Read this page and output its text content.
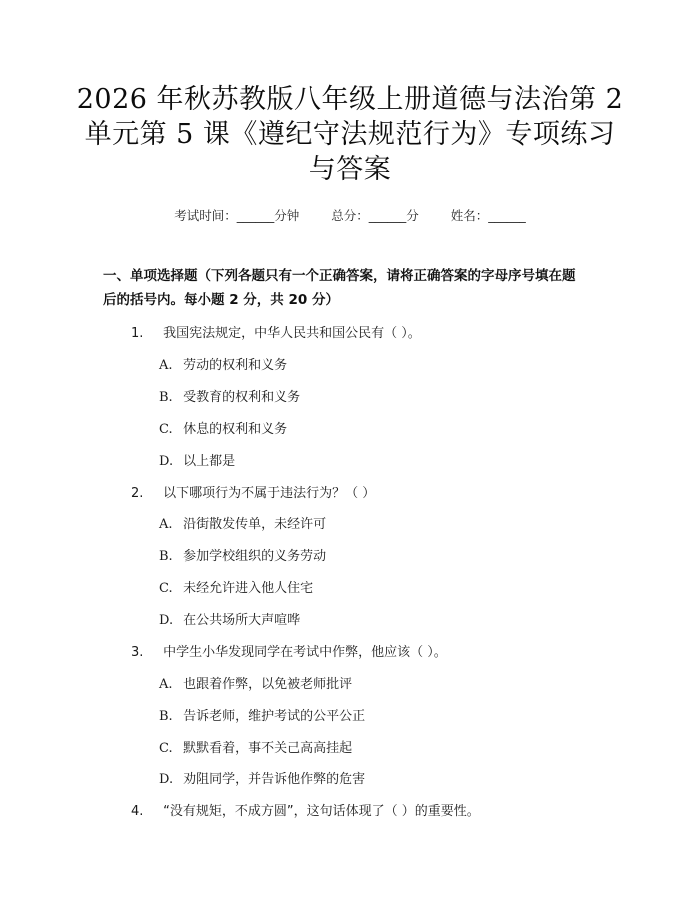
2026 年秋苏教版八年级上册道德与法治第 2
单元第 5 课《遵纪守法规范行为》专项练习
与答案
考试时间：______分钟	总分：______分	姓名：______
一、单项选择题（下列各题只有一个正确答案，请将正确答案的字母序号填在题
后的括号内。每小题 2 分，共 20 分）
1. 我国宪法规定，中华人民共和国公民有（ ）。
A. 劳动的权利和义务
B. 受教育的权利和义务
C. 休息的权利和义务
D. 以上都是
2. 以下哪项行为不属于违法行为？（ ）
A. 沿街散发传单，未经许可
B. 参加学校组织的义务劳动
C. 未经允许进入他人住宅
D. 在公共场所大声喧哗
3. 中学生小华发现同学在考试中作弊，他应该（ ）。
A. 也跟着作弊，以免被老师批评
B. 告诉老师，维护考试的公平公正
C. 默默看着，事不关己高高挂起
D. 劝阻同学，并告诉他作弊的危害
4. “没有规矩，不成方圆”，这句话体现了（ ）的重要性。
